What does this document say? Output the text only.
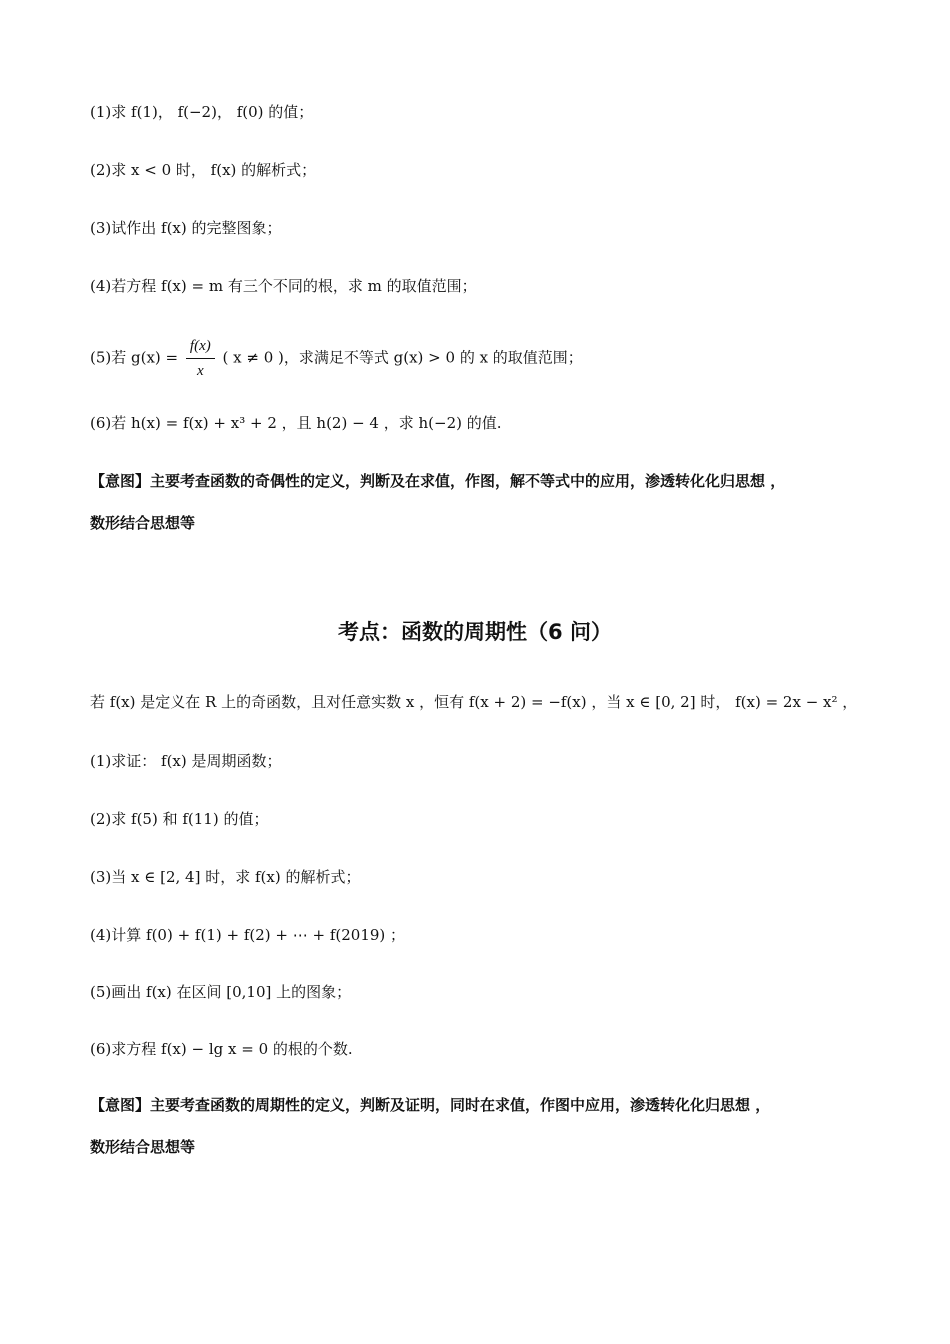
(1)求 f(1)， f(−2)， f(0) 的值；
(2)求 x < 0 时， f(x) 的解析式；
(3)试作出 f(x) 的完整图象；
(4)若方程 f(x) = m 有三个不同的根，求 m 的取值范围；
(5)若 $g(x) = \frac{f(x)}{x}$ ( x ≠ 0 )，求满足不等式 g(x) > 0 的 x 的取值范围；
(6)若 h(x) = f(x) + x³ + 2 ，且 h(2) − 4 ，求 h(−2) 的值.
【意图】主要考查函数的奇偶性的定义，判断及在求值，作图，解不等式中的应用，渗透转化化归思想 ，
数形结合思想等
考点：函数的周期性（6 问）
若 f(x) 是定义在 R 上的奇函数，且对任意实数 x ，恒有 f(x + 2) = −f(x) ，当 x ∈ [0, 2] 时， f(x) = 2x − x² ，
(1)求证： f(x) 是周期函数；
(2)求 f(5) 和 f(11) 的值；
(3)当 x ∈ [2, 4] 时，求 f(x) 的解析式；
(4)计算 f(0) + f(1) + f(2) + ⋯ + f(2019) ；
(5)画出 f(x) 在区间 [0,10] 上的图象；
(6)求方程 f(x) − lg x = 0 的根的个数.
【意图】主要考查函数的周期性的定义，判断及证明，同时在求值，作图中应用，渗透转化化归思想 ，
数形结合思想等
